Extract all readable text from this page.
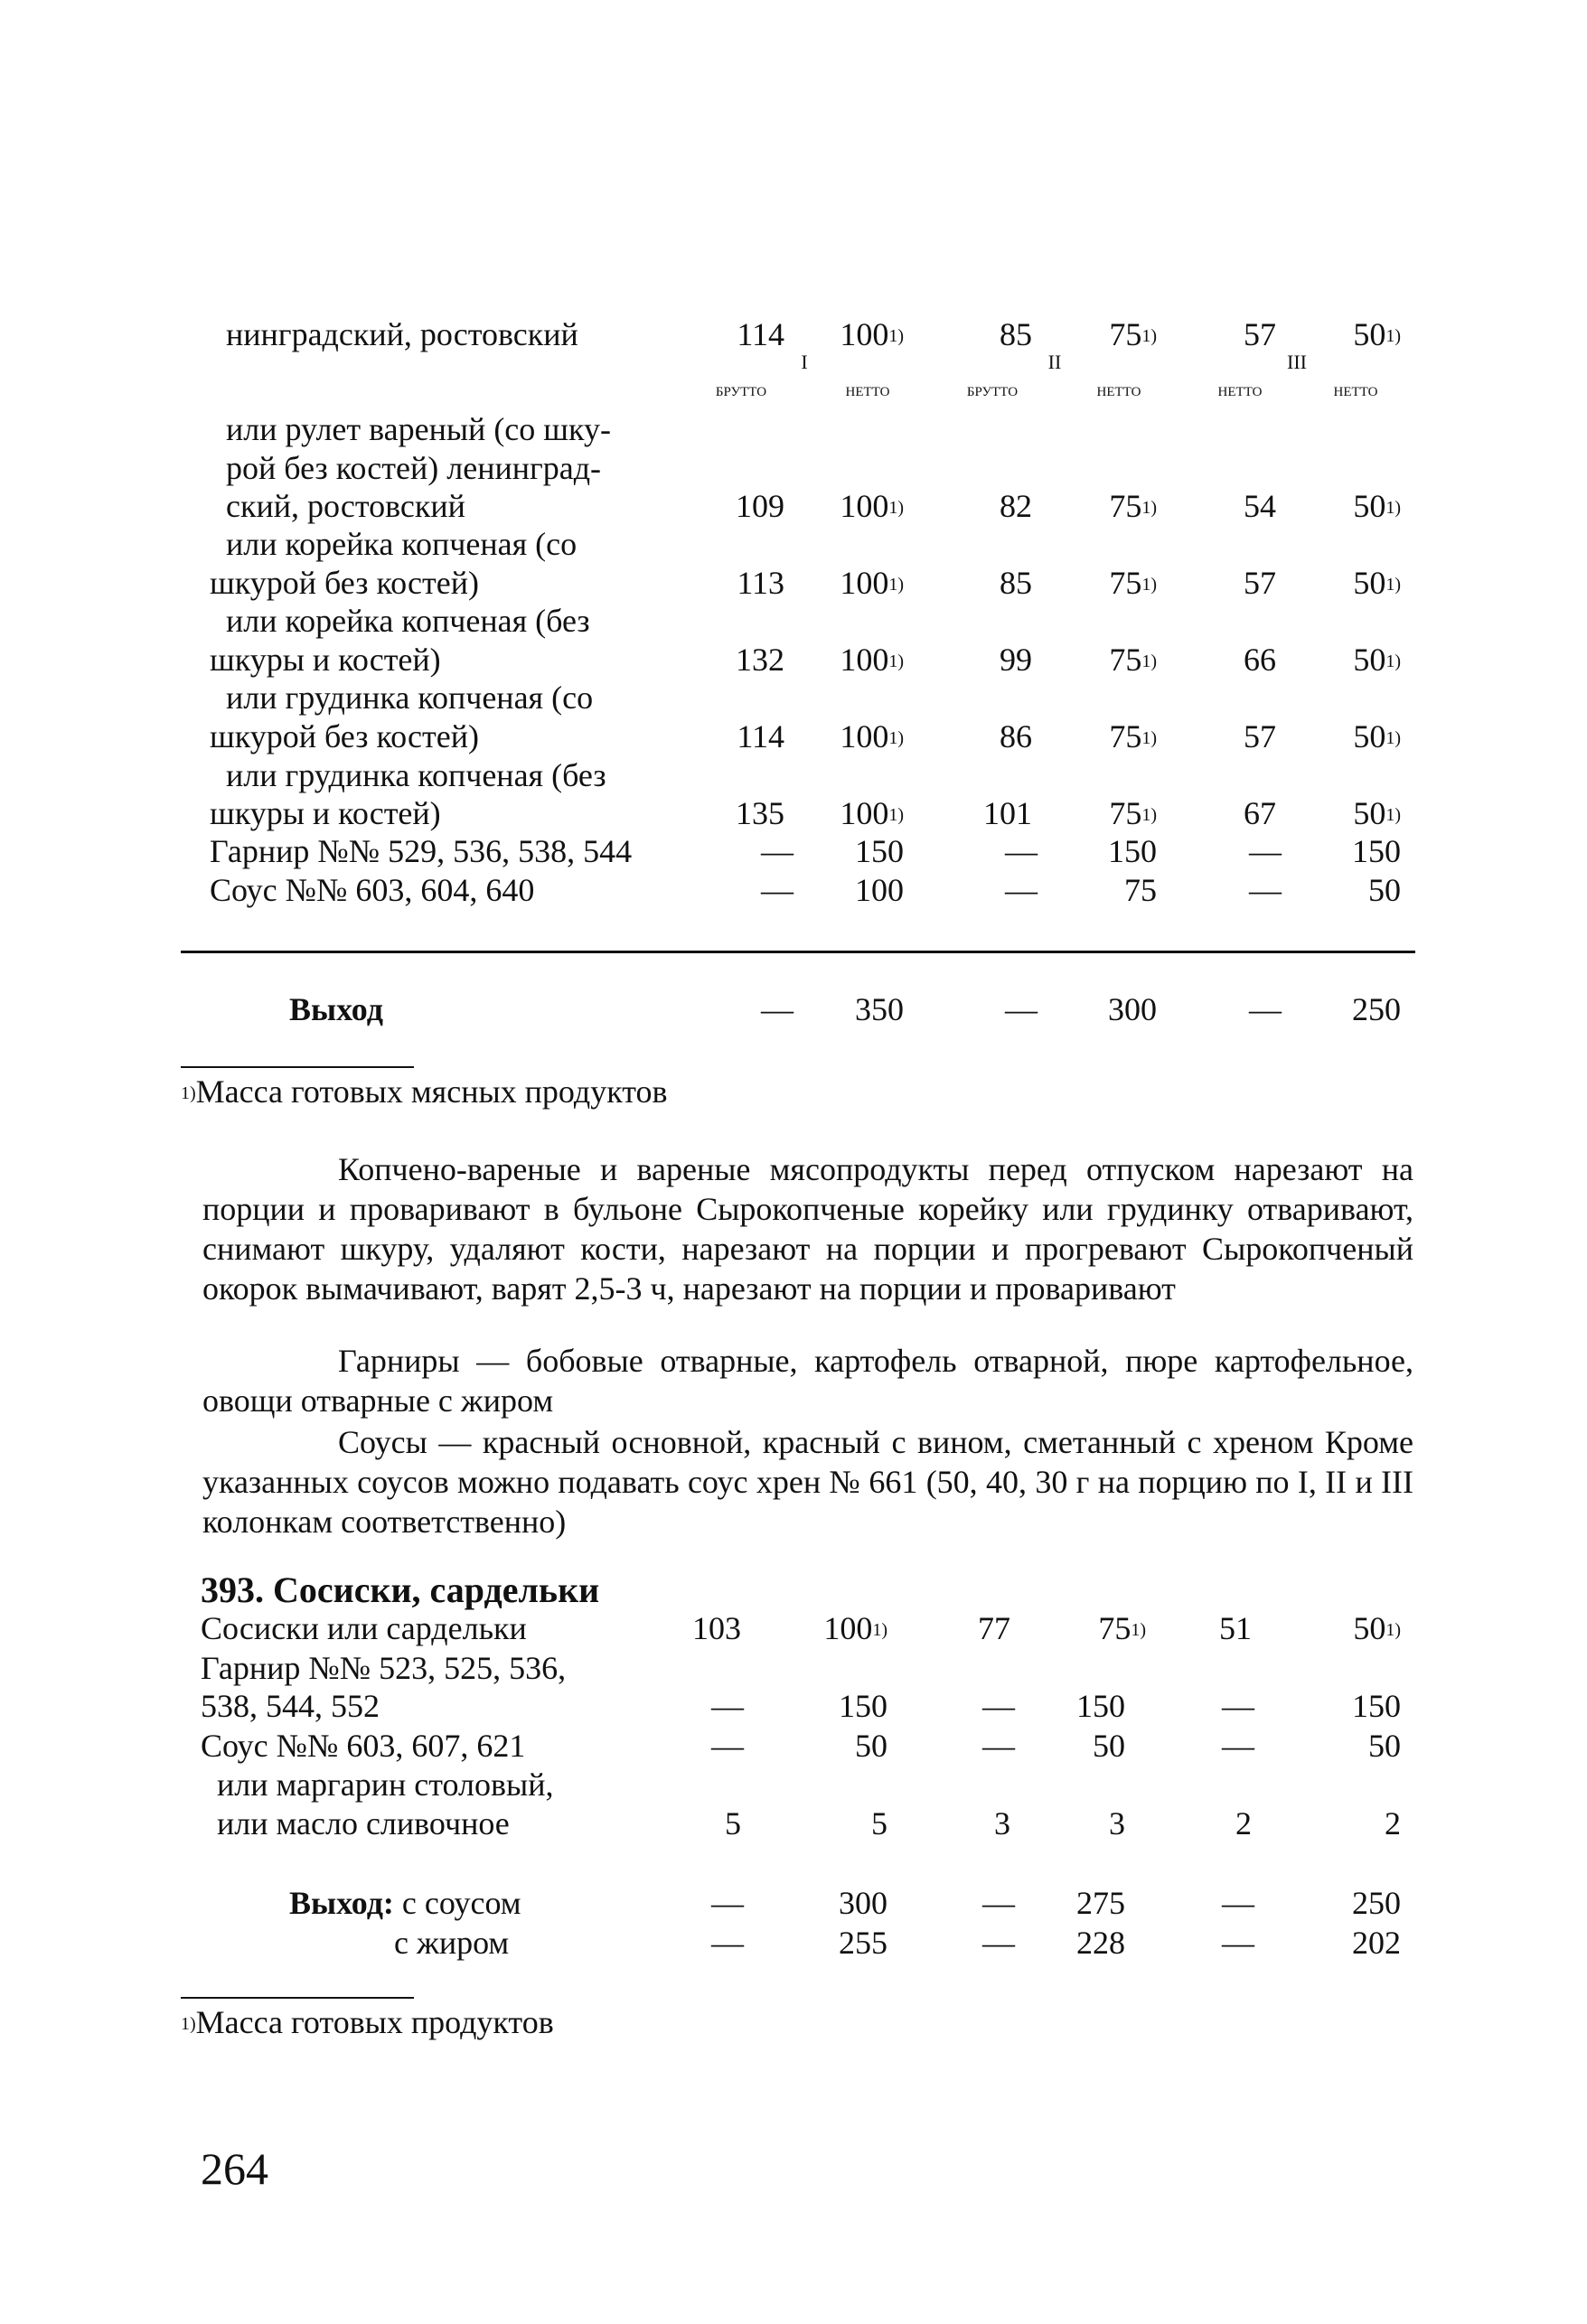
нинградский, ростовский	114	100$^{1)}$	85	75$^{1)}$	57	50$^{1)}$
I	II	III
брутто	нетто	брутто	нетто	нетто	нетто
или рулет вареный (со шку-
рой без костей) ленинград-
ский, ростовский	109	100$^{1)}$	82	75$^{1)}$	54	50$^{1)}$
или корейка копченая (со
шкурой без костей)	113	100$^{1)}$	85	75$^{1)}$	57	50$^{1)}$
или корейка копченая (без
шкуры и костей)	132	100$^{1)}$	99	75$^{1)}$	66	50$^{1)}$
или грудинка копченая (со
шкурой без костей)	114	100$^{1)}$	86	75$^{1)}$	57	50$^{1)}$
или грудинка копченая (без
шкуры и костей)	135	100$^{1)}$	101	75$^{1)}$	67	50$^{1)}$
Гарнир №№ 529, 536, 538, 544	—	150	—	150	—	150
Соус №№ 603, 604, 640	—	100	—	75	—	50
Выход	—	350	—	300	—	250
$^{1)}$Масса готовых мясных продуктов
Копчено-вареные и вареные мясопродукты перед отпуском нарезают на порции и проваривают в бульоне Сырокопченые корейку или грудинку отваривают, снимают шкуру, удаляют кости, нарезают на порции и прогревают Сырокопченый окорок вымачивают, варят 2,5-3 ч, нарезают на порции и проваривают
Гарниры — бобовые отварные, картофель отварной, пюре картофельное, овощи отварные с жиром
Соусы — красный основной, красный с вином, сметанный с хреном Кроме указанных соусов можно подавать соус хрен № 661 (50, 40, 30 г на порцию по I, II и III колонкам соответственно)
393. Сосиски, сардельки
Сосиски или сардельки	103	100$^{1)}$	77	75$^{1)}$	51	50$^{1)}$
Гарнир №№ 523, 525, 536,
538, 544, 552	—	150	—	150	—	150
Соус №№ 603, 607, 621	—	50	—	50	—	50
или маргарин столовый,
или масло сливочное	5	5	3	3	2	2
Выход: с соусом	—	300	—	275	—	250
с жиром	—	255	—	228	—	202
$^{1)}$Масса готовых продуктов
264
